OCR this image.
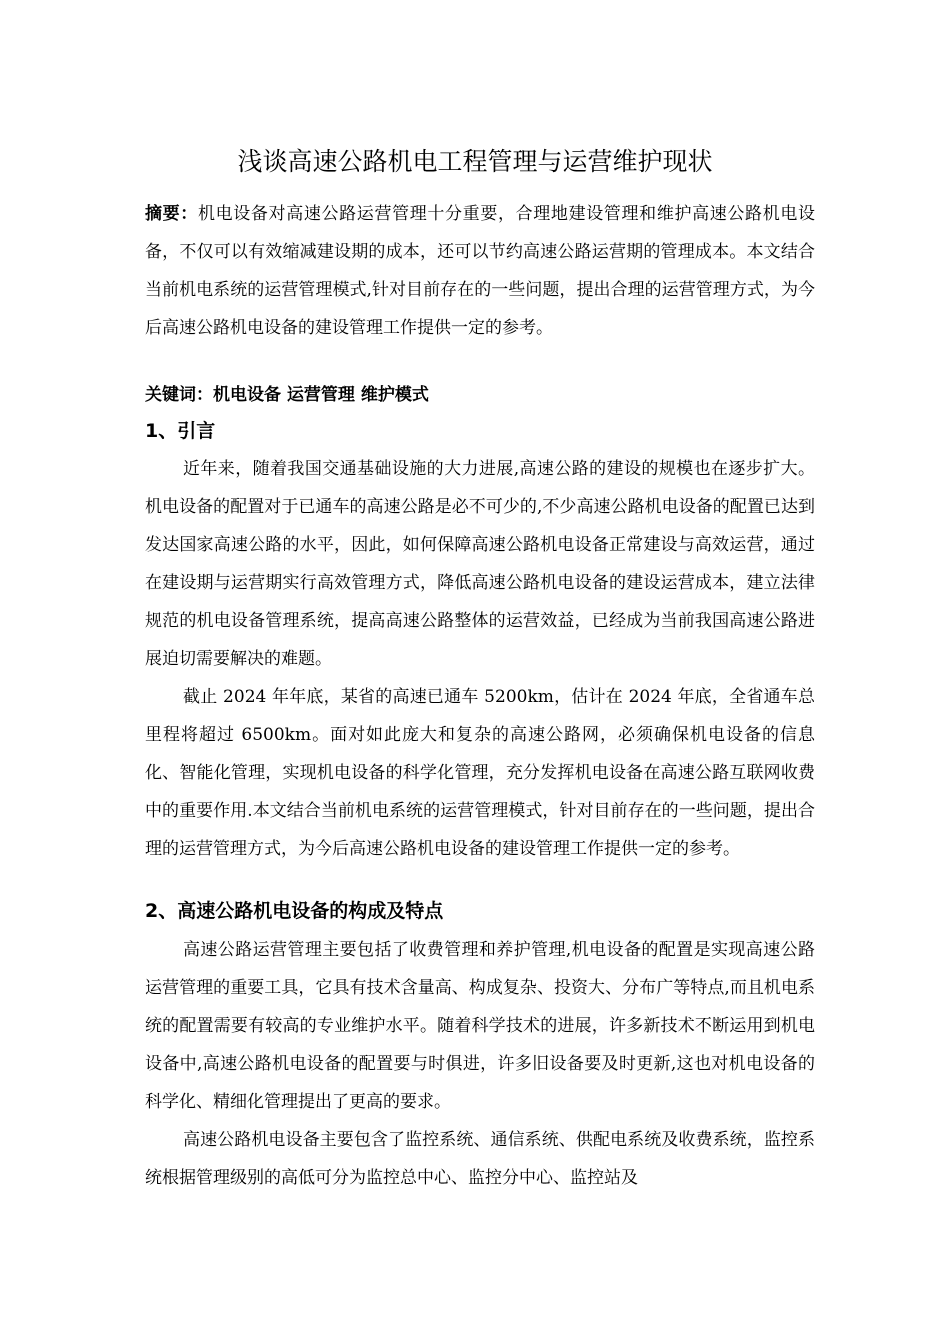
浅谈高速公路机电工程管理与运营维护现状

摘要：机电设备对高速公路运营管理十分重要，合理地建设管理和维护高速公路机电设备，不仅可以有效缩减建设期的成本，还可以节约高速公路运营期的管理成本。本文结合当前机电系统的运营管理模式,针对目前存在的一些问题，提出合理的运营管理方式，为今后高速公路机电设备的建设管理工作提供一定的参考。

关键词：机电设备 运营管理 维护模式

1、引言

近年来，随着我国交通基础设施的大力进展,高速公路的建设的规模也在逐步扩大。机电设备的配置对于已通车的高速公路是必不可少的,不少高速公路机电设备的配置已达到发达国家高速公路的水平，因此，如何保障高速公路机电设备正常建设与高效运营，通过在建设期与运营期实行高效管理方式，降低高速公路机电设备的建设运营成本，建立法律规范的机电设备管理系统，提高高速公路整体的运营效益，已经成为当前我国高速公路进展迫切需要解决的难题。

截止 2024 年年底，某省的高速已通车 5200km，估计在 2024 年底，全省通车总里程将超过 6500km。面对如此庞大和复杂的高速公路网，必须确保机电设备的信息化、智能化管理，实现机电设备的科学化管理，充分发挥机电设备在高速公路互联网收费中的重要作用.本文结合当前机电系统的运营管理模式，针对目前存在的一些问题，提出合理的运营管理方式，为今后高速公路机电设备的建设管理工作提供一定的参考。

2、高速公路机电设备的构成及特点

高速公路运营管理主要包括了收费管理和养护管理,机电设备的配置是实现高速公路运营管理的重要工具，它具有技术含量高、构成复杂、投资大、分布广等特点,而且机电系统的配置需要有较高的专业维护水平。随着科学技术的进展，许多新技术不断运用到机电设备中,高速公路机电设备的配置要与时俱进，许多旧设备要及时更新,这也对机电设备的科学化、精细化管理提出了更高的要求。

高速公路机电设备主要包含了监控系统、通信系统、供配电系统及收费系统，监控系统根据管理级别的高低可分为监控总中心、监控分中心、监控站及
